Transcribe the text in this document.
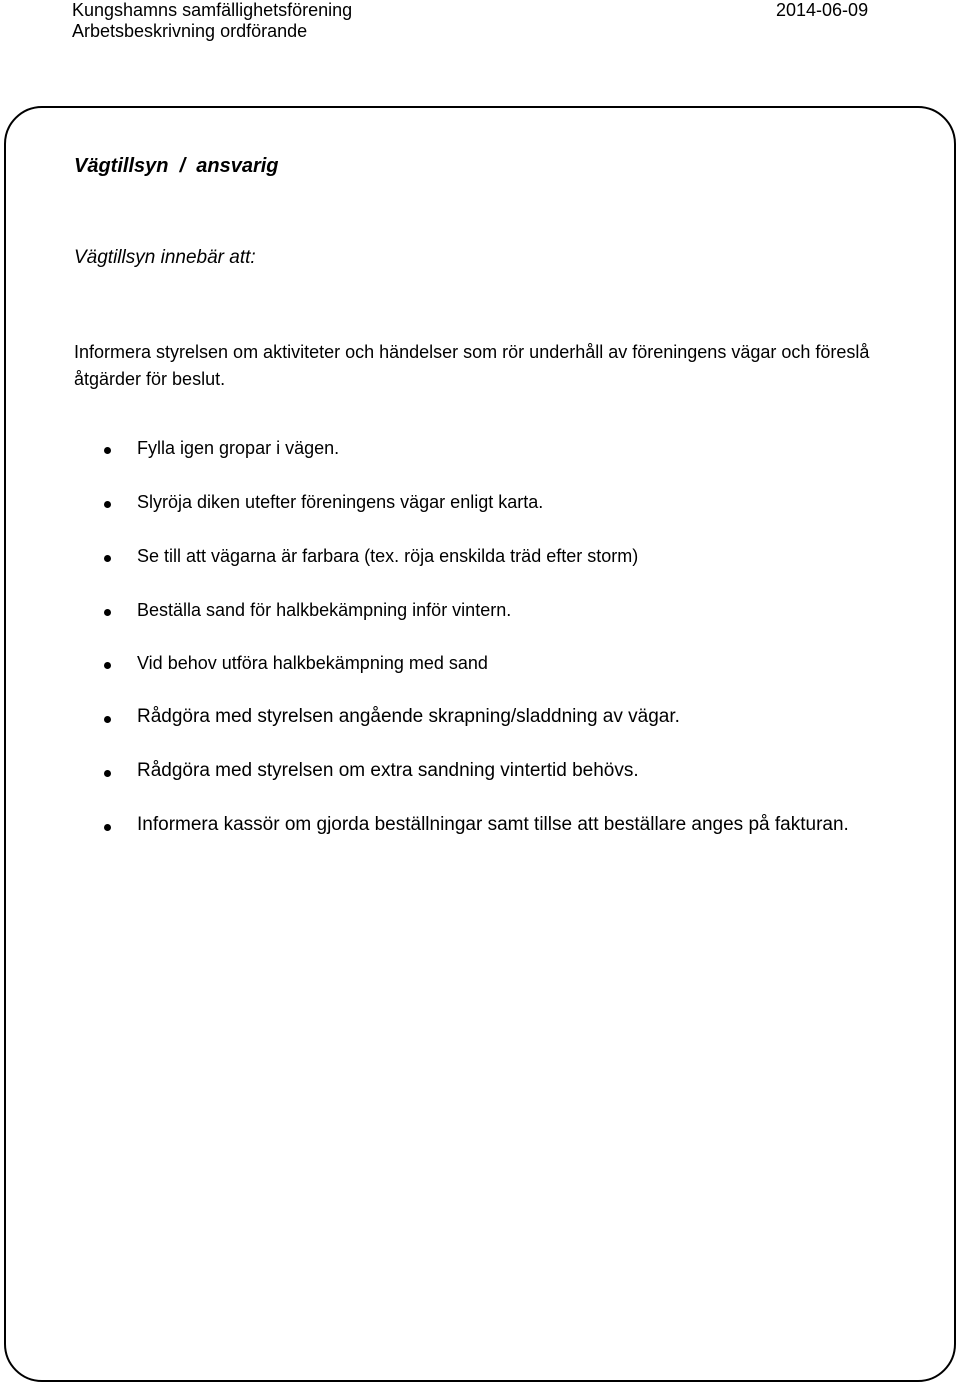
Kungshamns samfällighetsförening
Arbetsbeskrivning ordförande
2014-06-09
Vägtillsyn  /  ansvarig
Vägtillsyn innebär att:
Informera styrelsen om aktiviteter och händelser som rör underhåll av föreningens vägar och föreslå åtgärder för beslut.
Fylla igen gropar i vägen.
Slyröja diken utefter föreningens vägar enligt karta.
Se till att vägarna är farbara (tex. röja enskilda träd efter storm)
Beställa sand för halkbekämpning inför vintern.
Vid behov utföra halkbekämpning med sand
Rådgöra med styrelsen angående skrapning/sladdning av vägar.
Rådgöra med styrelsen om extra sandning vintertid behövs.
Informera kassör om gjorda beställningar samt tillse att beställare anges på fakturan.
